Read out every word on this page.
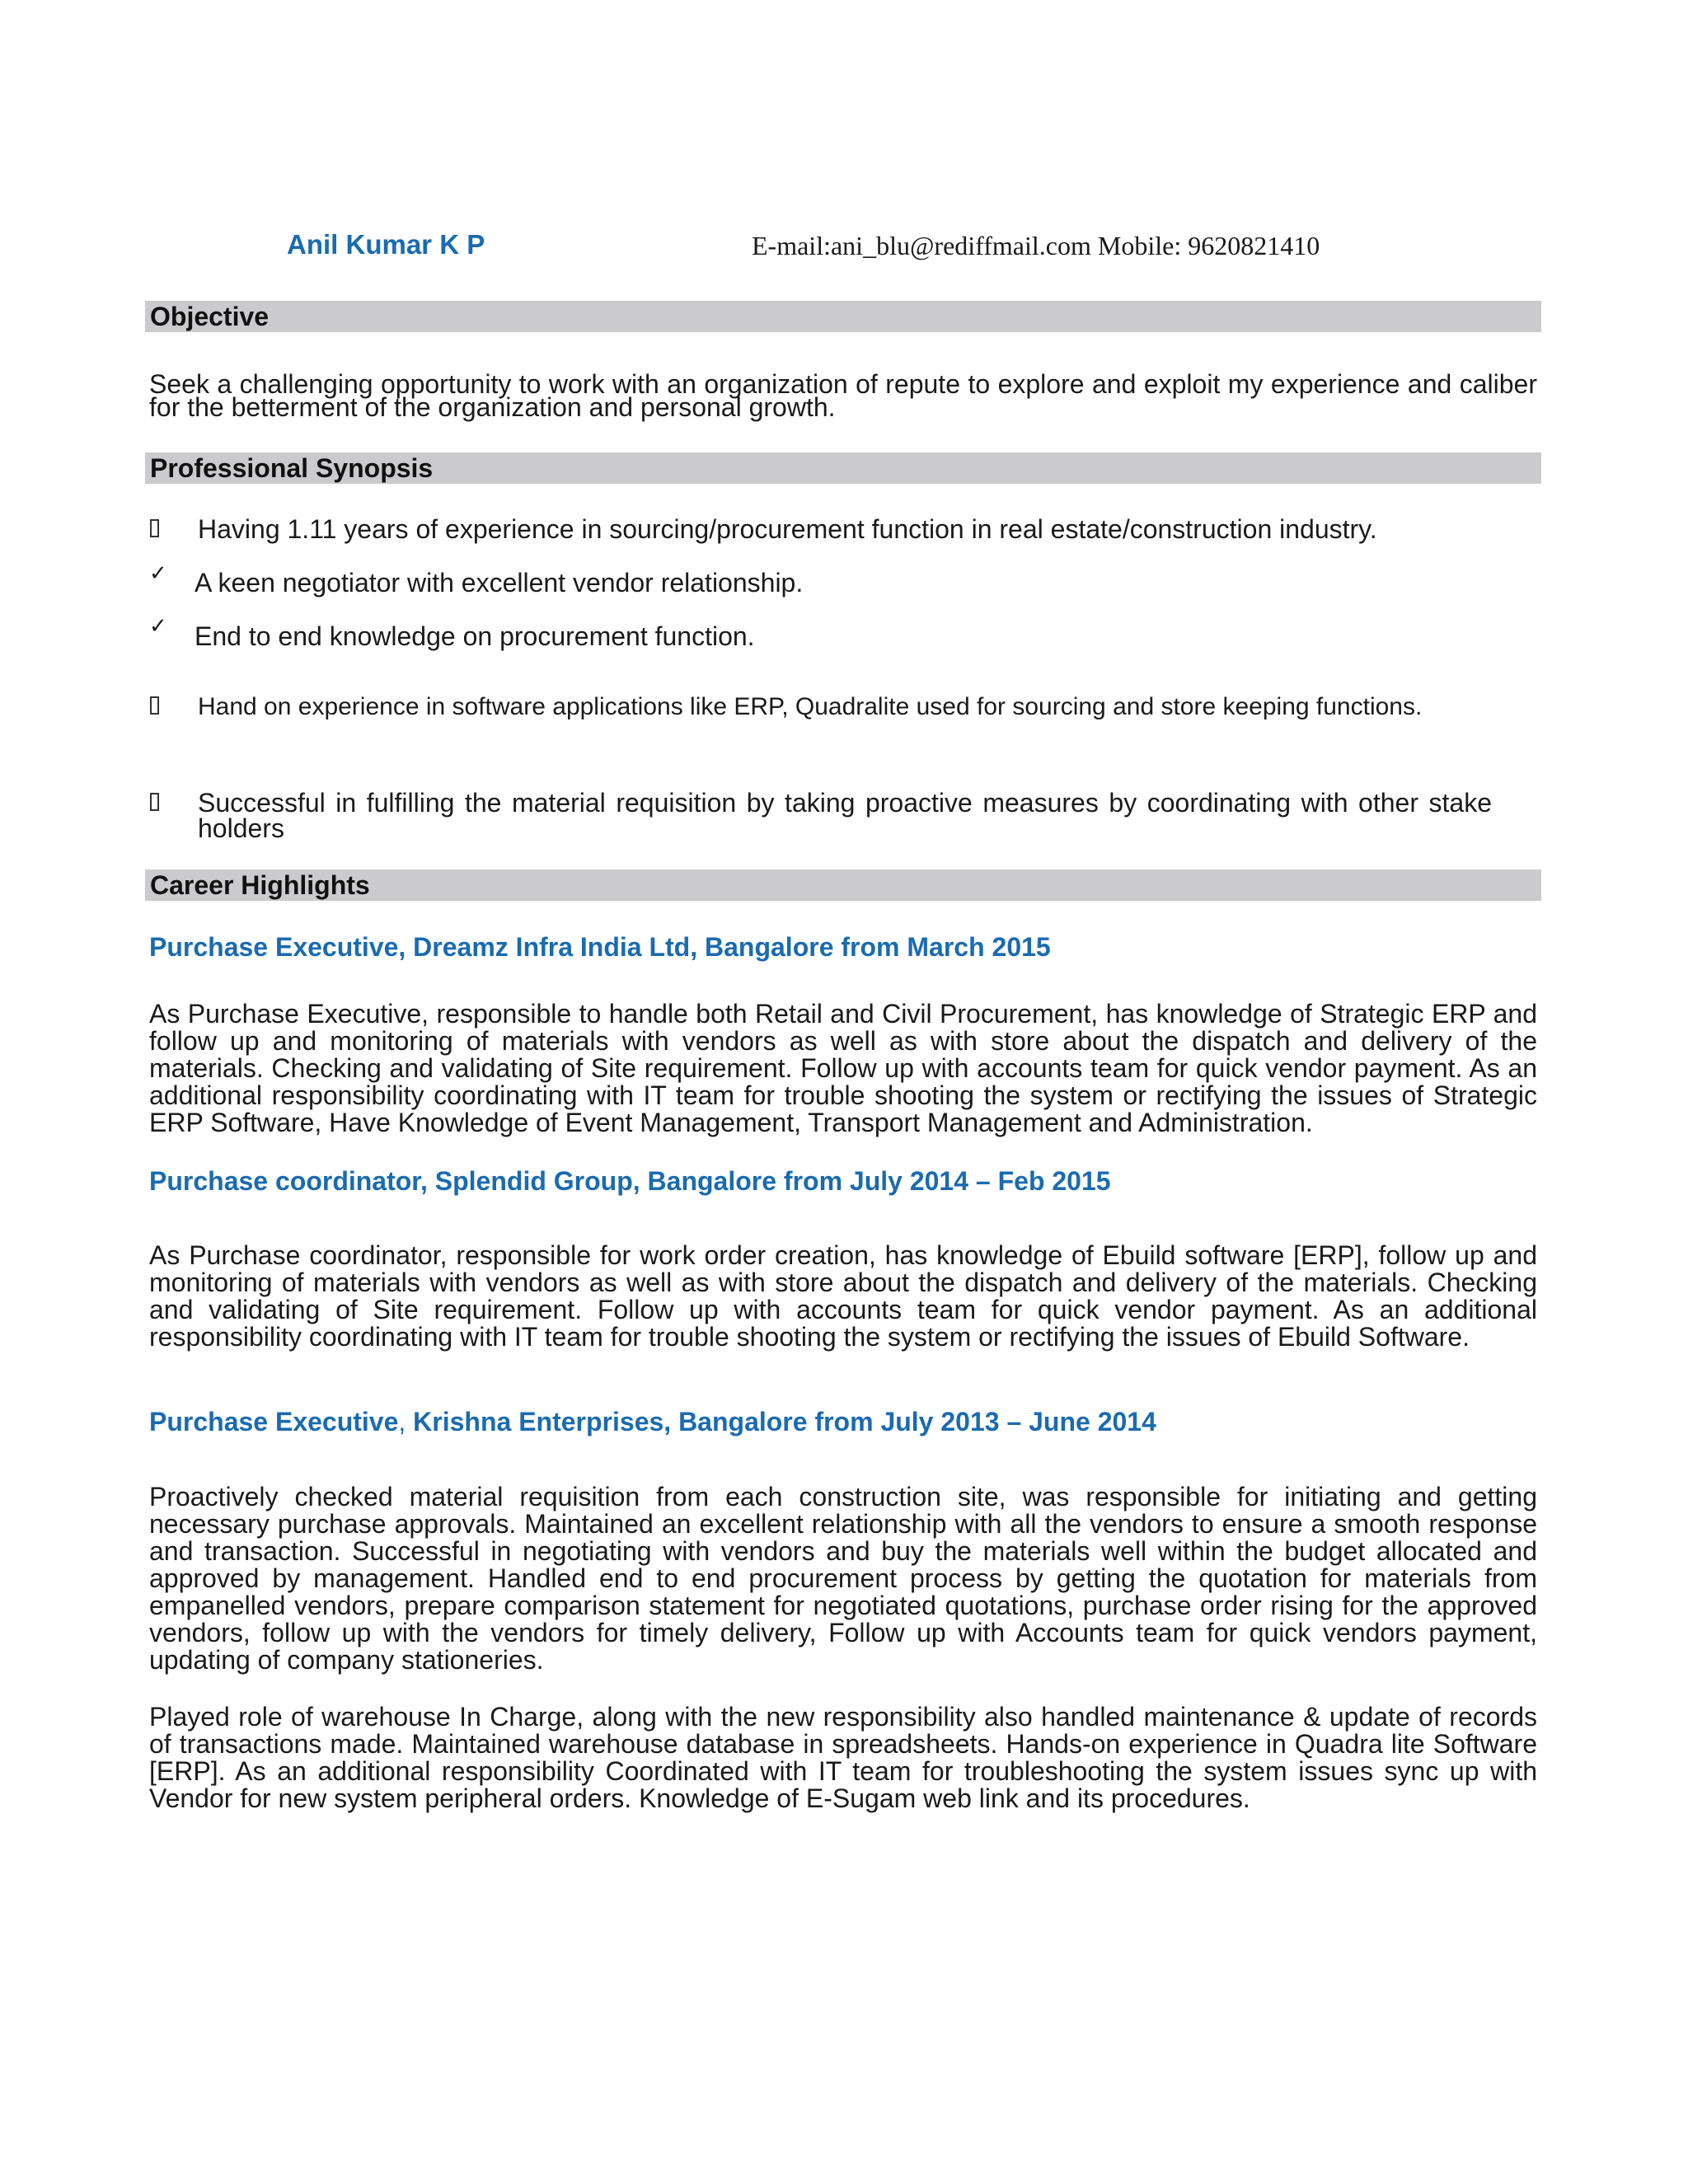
Anil Kumar K P	E-mail:ani_blu@rediffmail.com Mobile: 9620821410
Objective
Seek a challenging opportunity to work with an organization of repute to explore and exploit my experience and caliber for the betterment of the organization and personal growth.
Professional Synopsis
Having 1.11 years of experience in sourcing/procurement function in real estate/construction industry.
✓ A keen negotiator with excellent vendor relationship.
✓ End to end knowledge on procurement function.
Hand on experience in software applications like ERP, Quadralite used for sourcing and store keeping functions.
Successful in fulfilling the material requisition by taking proactive measures by coordinating with other stake holders
Career Highlights
Purchase Executive, Dreamz Infra India Ltd, Bangalore from March 2015
As Purchase Executive, responsible to handle both Retail and Civil Procurement, has knowledge of Strategic ERP and follow up and monitoring of materials with vendors as well as with store about the dispatch and delivery of the materials. Checking and validating of Site requirement. Follow up with accounts team for quick vendor payment. As an additional responsibility coordinating with IT team for trouble shooting the system or rectifying the issues of Strategic ERP Software, Have Knowledge of Event Management, Transport Management and Administration.
Purchase coordinator, Splendid Group, Bangalore from July 2014 – Feb 2015
As Purchase coordinator, responsible for work order creation, has knowledge of Ebuild software [ERP], follow up and monitoring of materials with vendors as well as with store about the dispatch and delivery of the materials. Checking and validating of Site requirement. Follow up with accounts team for quick vendor payment. As an additional responsibility coordinating with IT team for trouble shooting the system or rectifying the issues of Ebuild Software.
Purchase Executive, Krishna Enterprises, Bangalore from July 2013 – June 2014
Proactively checked material requisition from each construction site, was responsible for initiating and getting necessary purchase approvals. Maintained an excellent relationship with all the vendors to ensure a smooth response and transaction. Successful in negotiating with vendors and buy the materials well within the budget allocated and approved by management. Handled end to end procurement process by getting the quotation for materials from empanelled vendors, prepare comparison statement for negotiated quotations, purchase order rising for the approved vendors, follow up with the vendors for timely delivery, Follow up with Accounts team for quick vendors payment, updating of company stationeries.
Played role of warehouse In Charge, along with the new responsibility also handled maintenance & update of records of transactions made. Maintained warehouse database in spreadsheets. Hands-on experience in Quadra lite Software [ERP]. As an additional responsibility Coordinated with IT team for troubleshooting the system issues sync up with Vendor for new system peripheral orders. Knowledge of E-Sugam web link and its procedures.
